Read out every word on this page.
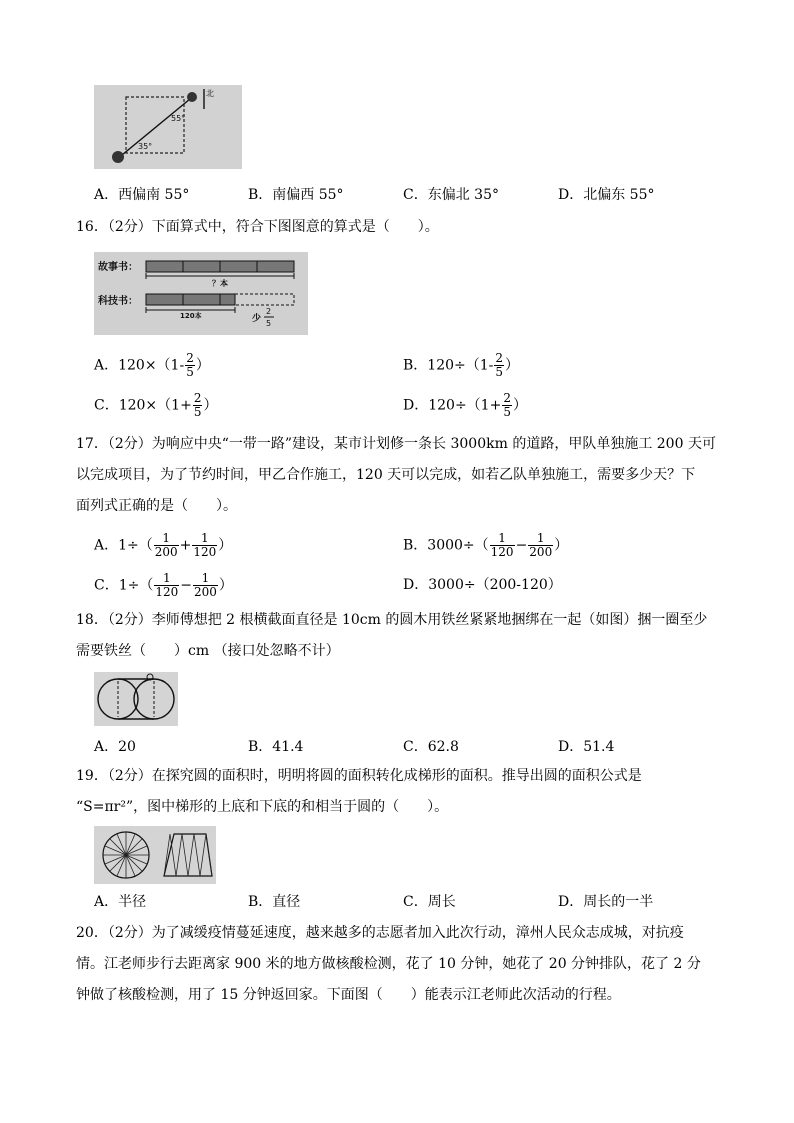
55°
35°
北
A．西偏南 55°	B．南偏西 55°	C．东偏北 35°	D．北偏东 55°
16．（2分）下面算式中，符合下图图意的算式是（　　）。
故事书：
？本
科技书：
120本	少
2
5
A．$120\times(1- \frac{2}{5}$ ）	B．$120\div(1- \frac{2}{5}$ ）
C．$120\times(1+ \frac{2}{5}$ ）	D．$120\div(1+ \frac{2}{5}$ ）
17．（2分）为响应中央“一带一路”建设，某市计划修一条长 3000km 的道路，甲队单独施工 200 天可
以完成项目，为了节约时间，甲乙合作施工，120 天可以完成，如若乙队单独施工，需要多少天？下
面列式正确的是（　　）。
A．$1\div( \frac{1}{200} + \frac{1}{120}$ ）	B．$3000\div( \frac{1}{120} - \frac{1}{200}$ ）
C．$1\div( \frac{1}{120} - \frac{1}{200}$ ）	D．3000÷（200-120）
18．（2分）李师傅想把 2 根横截面直径是 10cm 的圆木用铁丝紧紧地捆绑在一起（如图）捆一圈至少
需要铁丝（　　）cm （接口处忽略不计）
A．20	B．41.4	C．62.8	D．51.4
19．（2分）在探究圆的面积时，明明将圆的面积转化成梯形的面积。推导出圆的面积公式是
“S=πr²”，图中梯形的上底和下底的和相当于圆的（　　）。
A．半径	B．直径	C．周长	D．周长的一半
20．（2分）为了减缓疫情蔓延速度，越来越多的志愿者加入此次行动，漳州人民众志成城，对抗疫
情。江老师步行去距离家 900 米的地方做核酸检测，花了 10 分钟，她花了 20 分钟排队，花了 2 分
钟做了核酸检测，用了 15 分钟返回家。下面图（　　）能表示江老师此次活动的行程。
